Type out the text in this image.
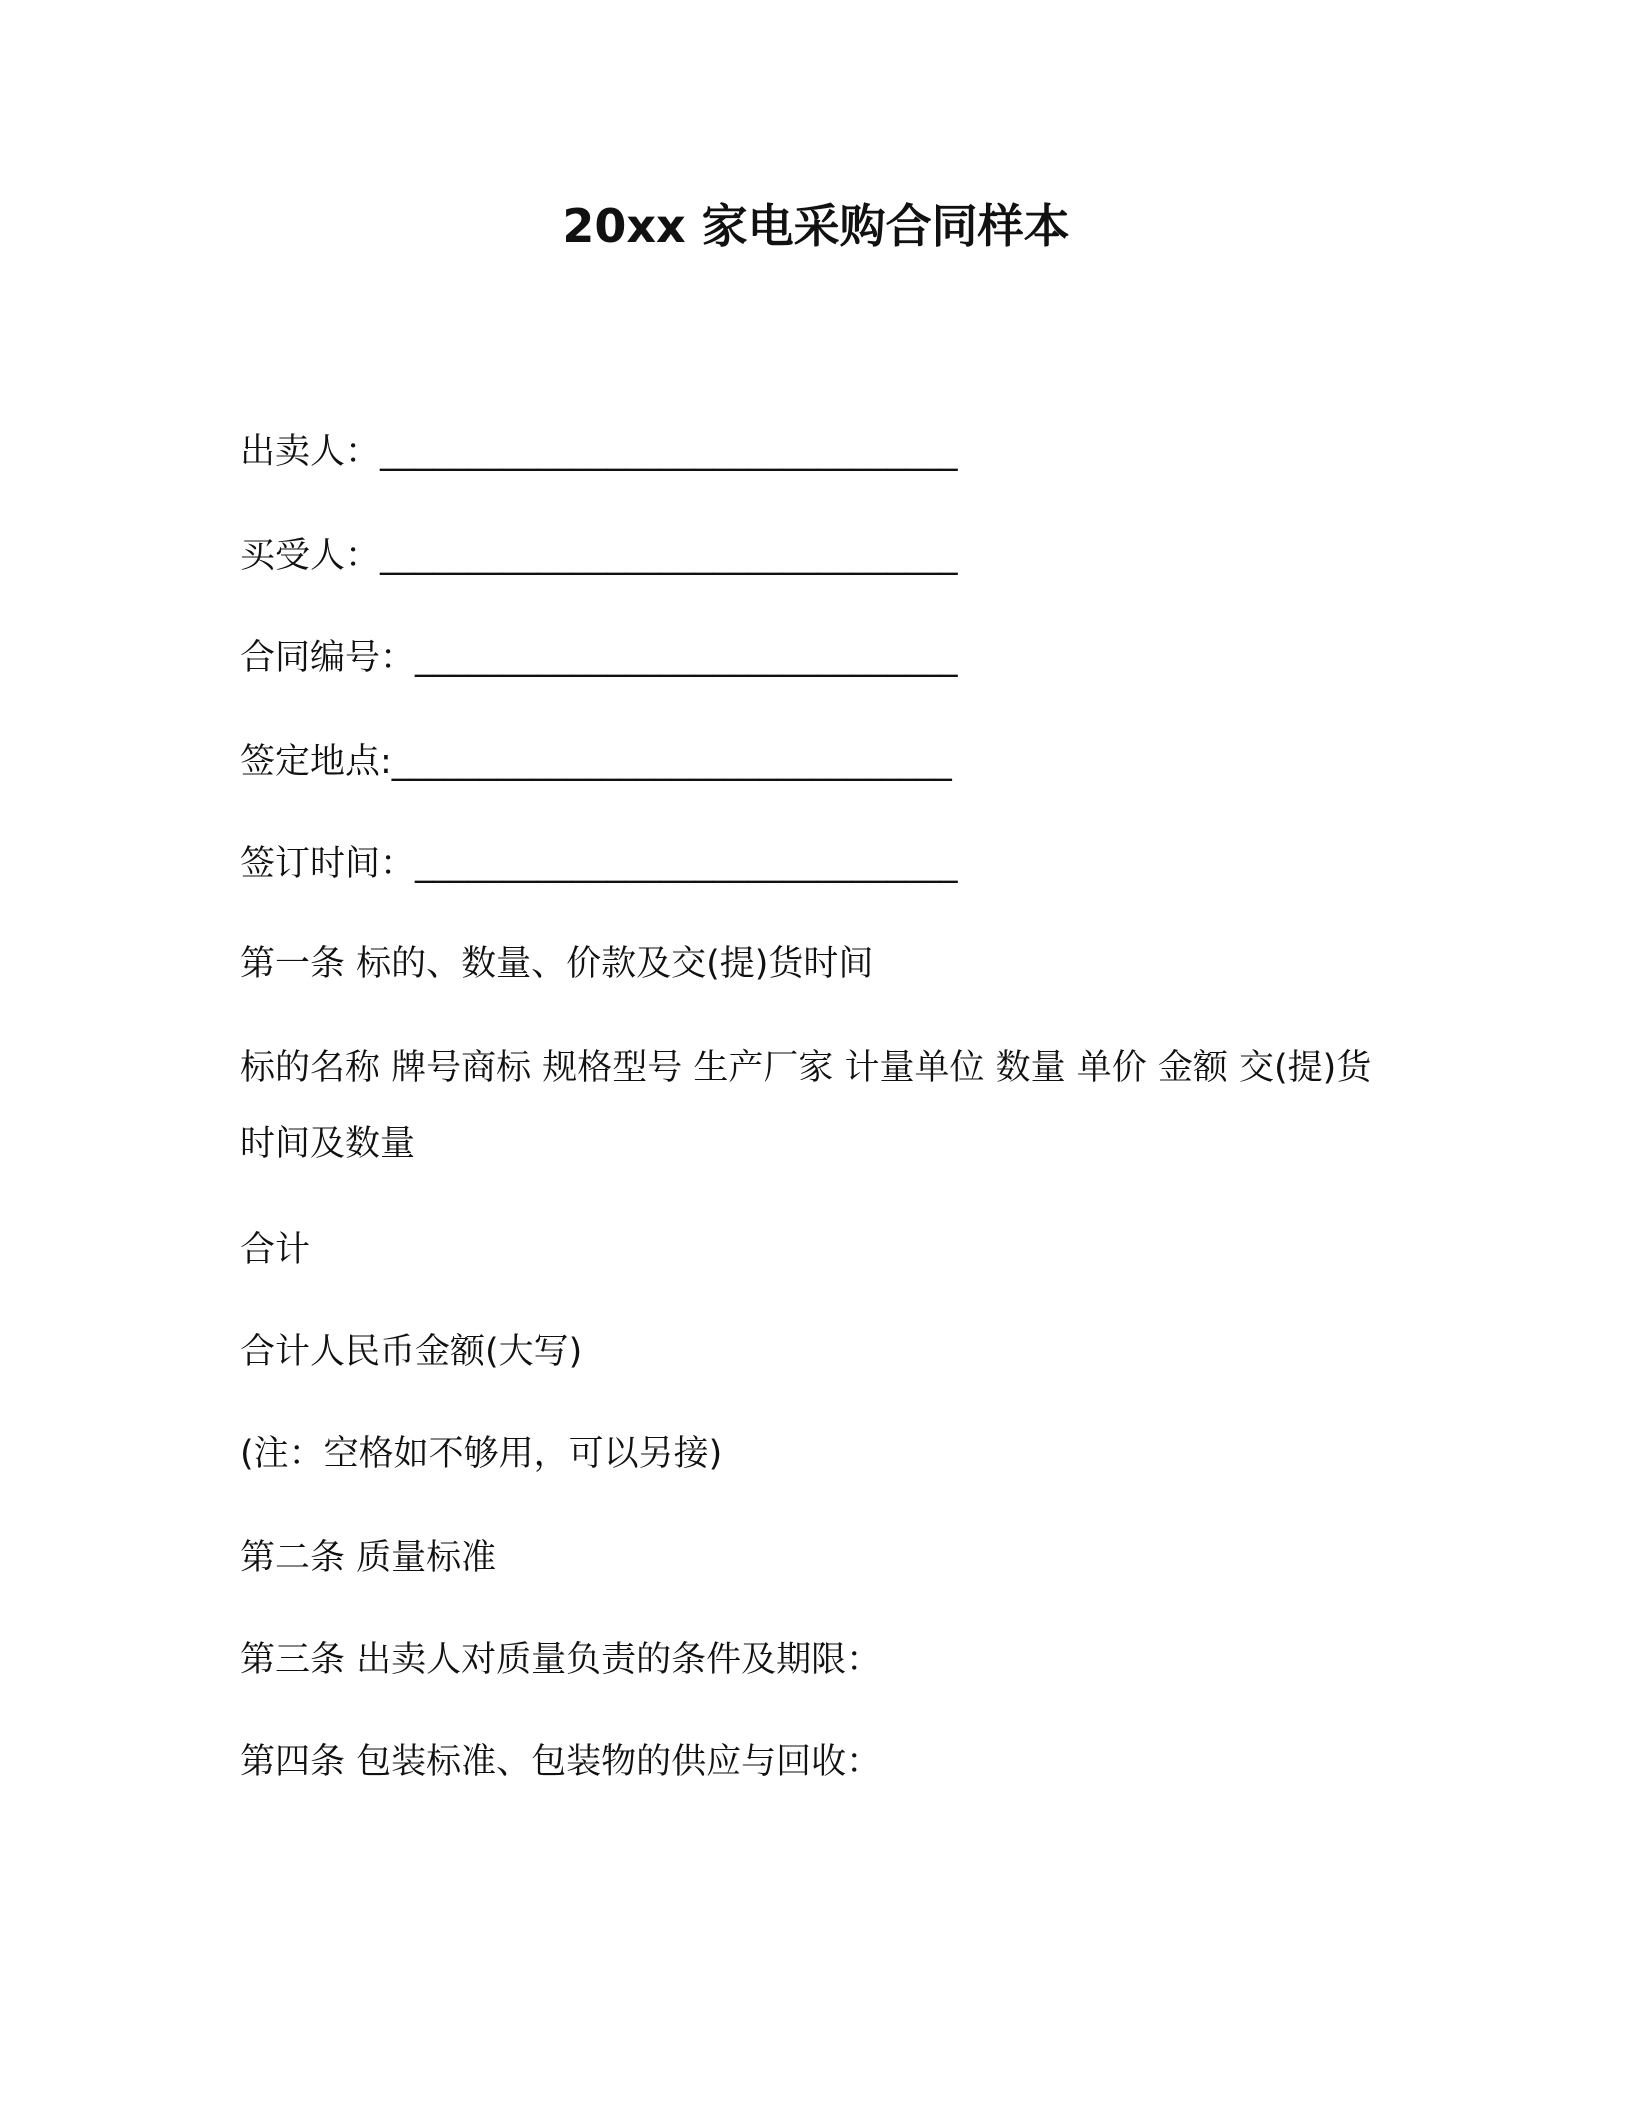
20xx 家电采购合同样本
出卖人：_________________________________
买受人：_________________________________
合同编号：_______________________________
签定地点:________________________________
签订时间：_______________________________
第一条 标的、数量、价款及交(提)货时间
标的名称 牌号商标 规格型号 生产厂家 计量单位 数量 单价 金额 交(提)货时间及数量
合计
合计人民币金额(大写)
(注：空格如不够用，可以另接)
第二条 质量标准
第三条 出卖人对质量负责的条件及期限：
第四条 包装标准、包装物的供应与回收：
